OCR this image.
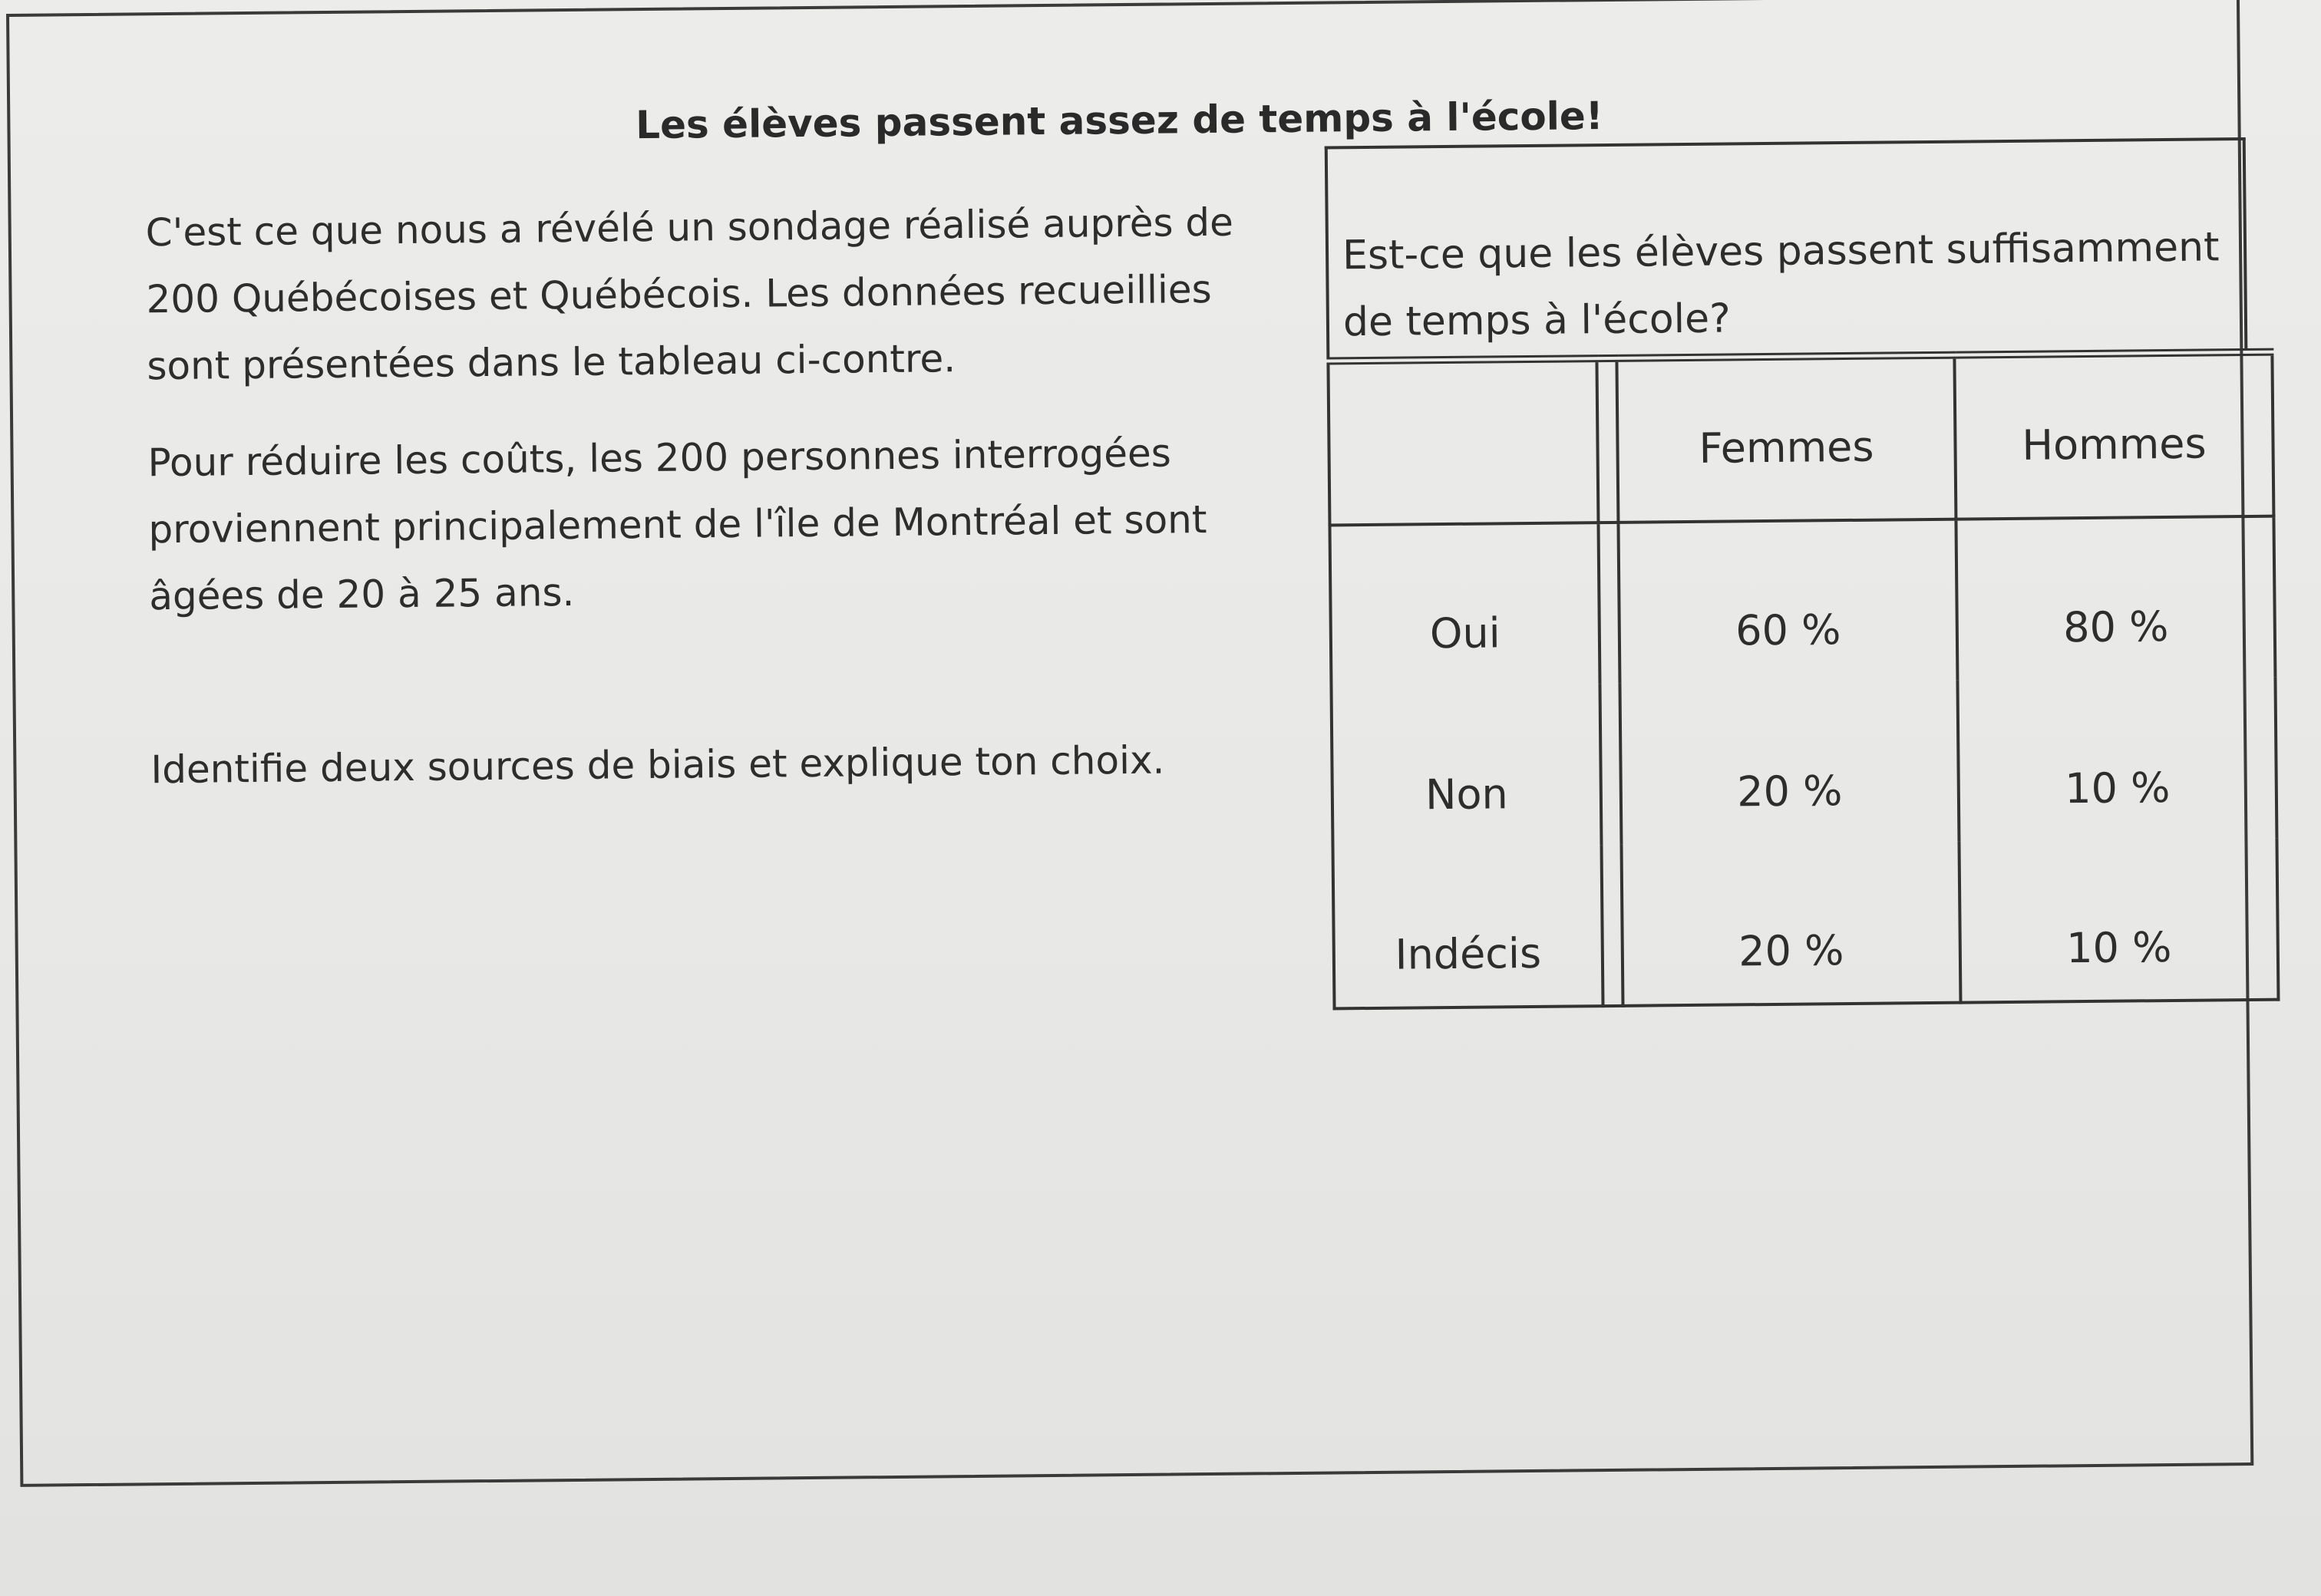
Les élèves passent assez de temps à l'école!
C'est ce que nous a révélé un sondage réalisé auprès de 200 Québécoises et Québécois. Les données recueillies sont présentées dans le tableau ci-contre.
Pour réduire les coûts, les 200 personnes interrogées proviennent principalement de l'île de Montréal et sont âgées de 20 à 25 ans.
Identifie deux sources de biais et explique ton choix.
Est-ce que les élèves passent suffisamment de temps à l'école?
		Femmes	Hommes
Oui		60 %	80 %
Non		20 %	10 %
Indécis		20 %	10 %
